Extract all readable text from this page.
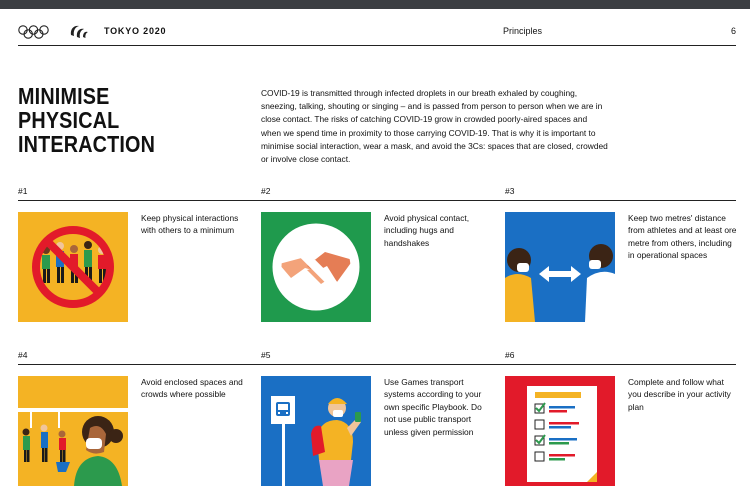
TOKYO 2020	Principles	6
MINIMISE
PHYSICAL
INTERACTION
COVID-19 is transmitted through infected droplets in our breath exhaled by coughing, sneezing, talking, shouting or singing – and is passed from person to person when we are in close contact. The risks of catching COVID-19 grow in crowded poorly-aired spaces and when we spend time in proximity to those carrying COVID-19. That is why it is important to minimise social interaction, wear a mask, and avoid the 3Cs: spaces that are closed, crowded or involve close contact.
#1
Keep physical interactions with others to a minimum
#2
Avoid physical contact, including hugs and handshakes
#3
Keep two metres' distance from athletes and at least ore metre from others, including in operational spaces
#4
Avoid enclosed spaces and crowds where possible
#5
Use Games transport systems according to your own specific Playbook. Do not use public transport unless given permission
#6
Complete and follow what you describe in your activity plan
